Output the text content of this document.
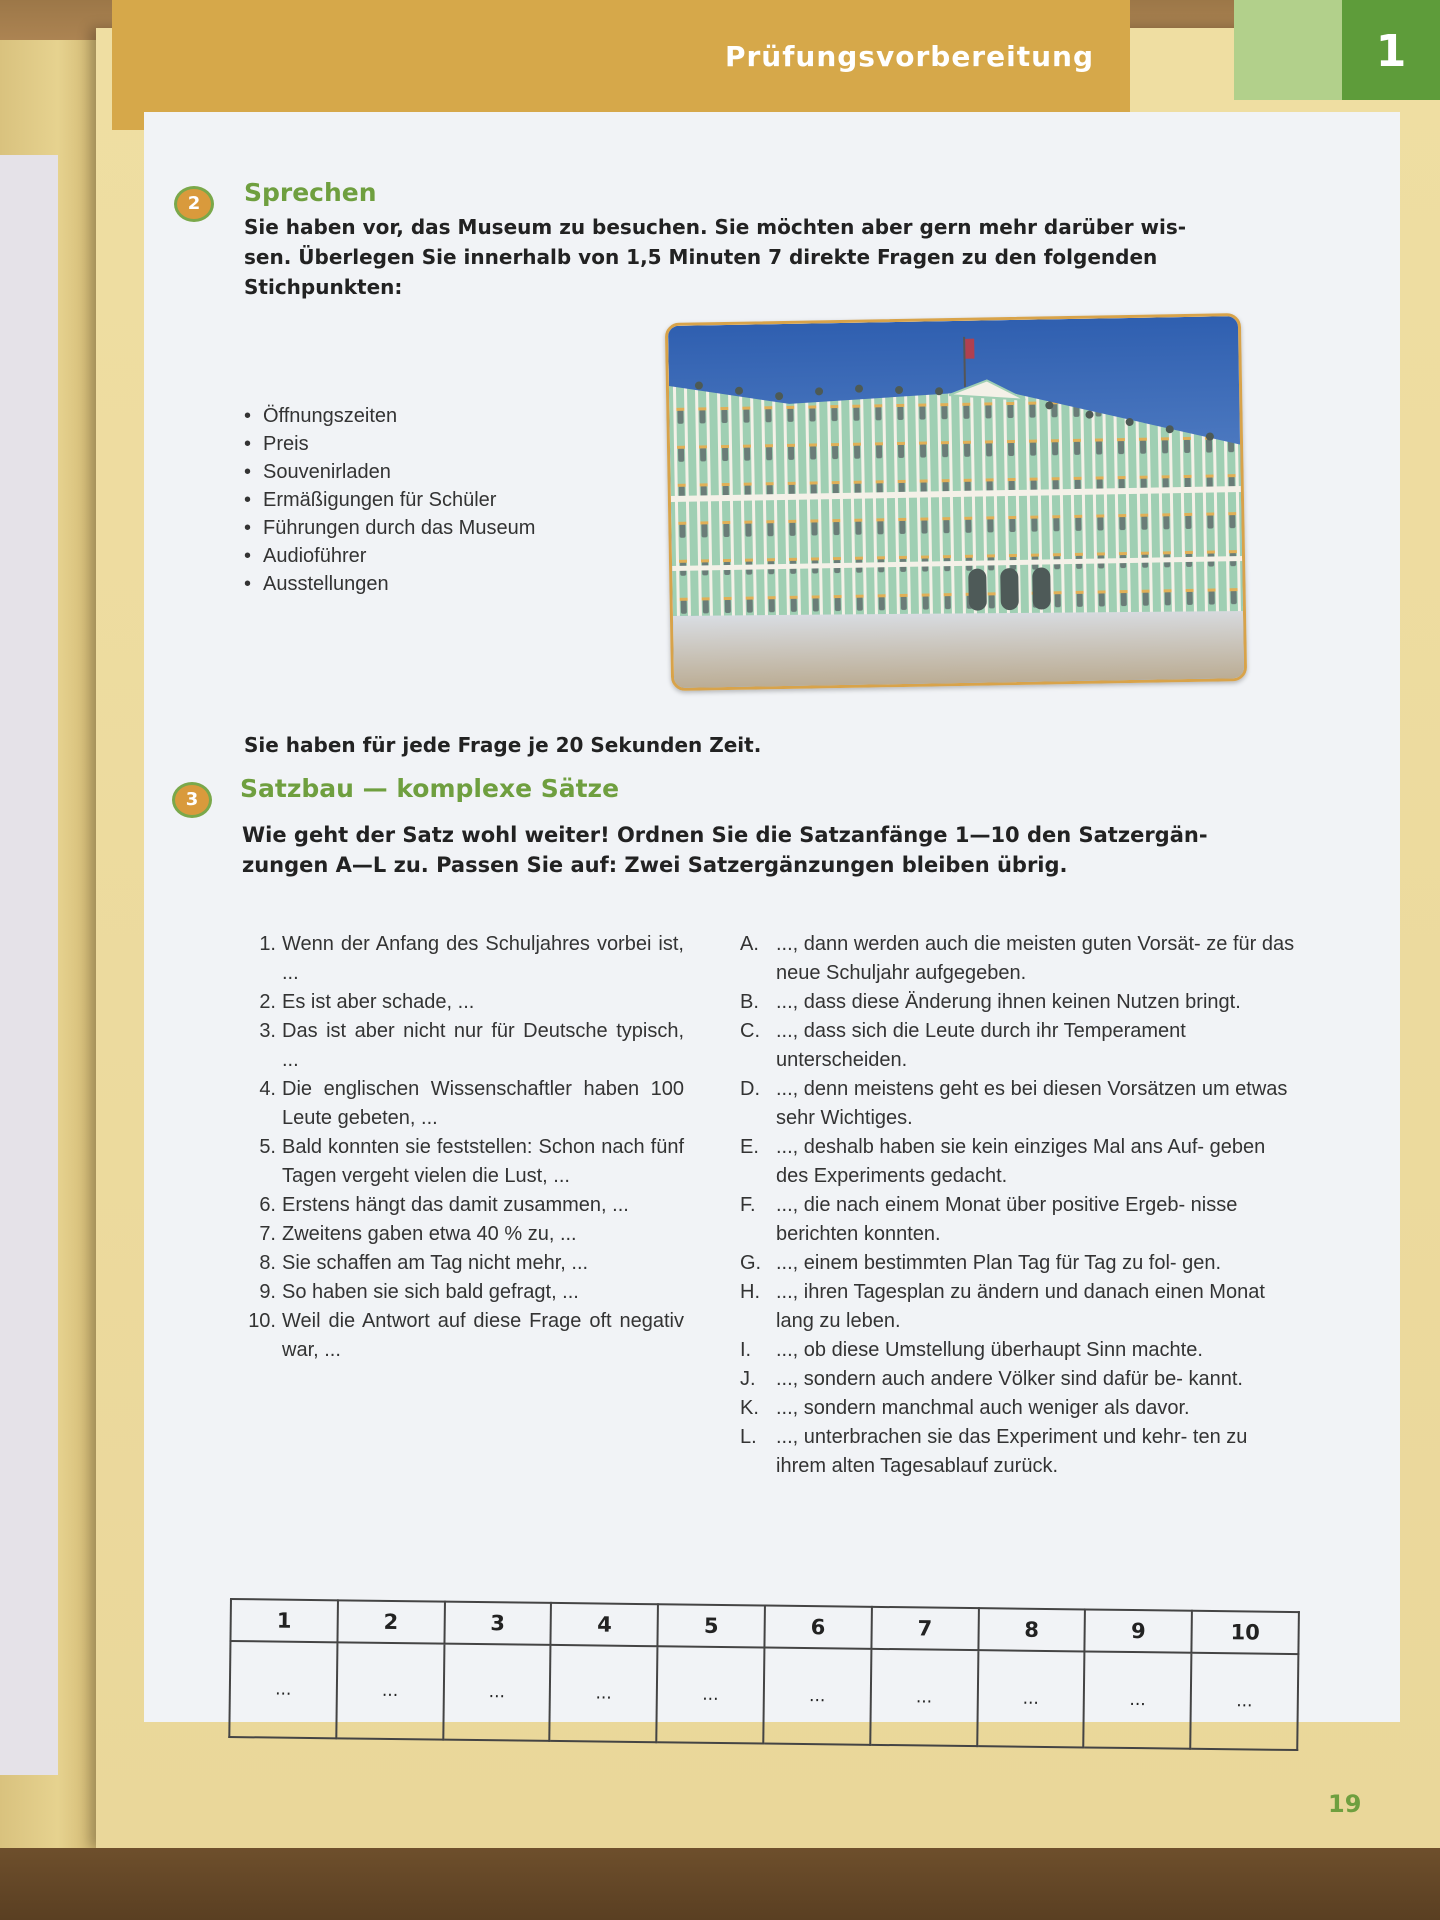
Prüfungsvorbereitung	1
2	Sprechen
Sie haben vor, das Museum zu besuchen. Sie möchten aber gern mehr darüber wis-
sen. Überlegen Sie innerhalb von 1,5 Minuten 7 direkte Fragen zu den folgenden
Stichpunkten:
• Öffnungszeiten
• Preis
• Souvenirladen
• Ermäßigungen für Schüler
• Führungen durch das Museum
• Audioführer
• Ausstellungen
Sie haben für jede Frage je 20 Sekunden Zeit.
3	Satzbau — komplexe Sätze
Wie geht der Satz wohl weiter! Ordnen Sie die Satzanfänge 1—10 den Satzergän-
zungen A—L zu. Passen Sie auf: Zwei Satzergänzungen bleiben übrig.
1. Wenn der Anfang des Schuljahres vorbei ist, ...
2. Es ist aber schade, ...
3. Das ist aber nicht nur für Deutsche typisch, ...
4. Die englischen Wissenschaftler haben 100 Leute gebeten, ...
5. Bald konnten sie feststellen: Schon nach fünf Tagen vergeht vielen die Lust, ...
6. Erstens hängt das damit zusammen, ...
7. Zweitens gaben etwa 40 % zu, ...
8. Sie schaffen am Tag nicht mehr, ...
9. So haben sie sich bald gefragt, ...
10. Weil die Antwort auf diese Frage oft negativ war, ...
A. ..., dann werden auch die meisten guten Vorsät- ze für das neue Schuljahr aufgegeben.
B. ..., dass diese Änderung ihnen keinen Nutzen bringt.
C. ..., dass sich die Leute durch ihr Temperament unterscheiden.
D. ..., denn meistens geht es bei diesen Vorsätzen um etwas sehr Wichtiges.
E. ..., deshalb haben sie kein einziges Mal ans Auf- geben des Experiments gedacht.
F. ..., die nach einem Monat über positive Ergeb- nisse berichten konnten.
G. ..., einem bestimmten Plan Tag für Tag zu fol- gen.
H. ..., ihren Tagesplan zu ändern und danach einen Monat lang zu leben.
I. ..., ob diese Umstellung überhaupt Sinn machte.
J. ..., sondern auch andere Völker sind dafür be- kannt.
K. ..., sondern manchmal auch weniger als davor.
L. ..., unterbrachen sie das Experiment und kehr- ten zu ihrem alten Tagesablauf zurück.
1	2	3	4	5	6	7	8	9	10
...	...	...	...	...	...	...	...	...	...
19
